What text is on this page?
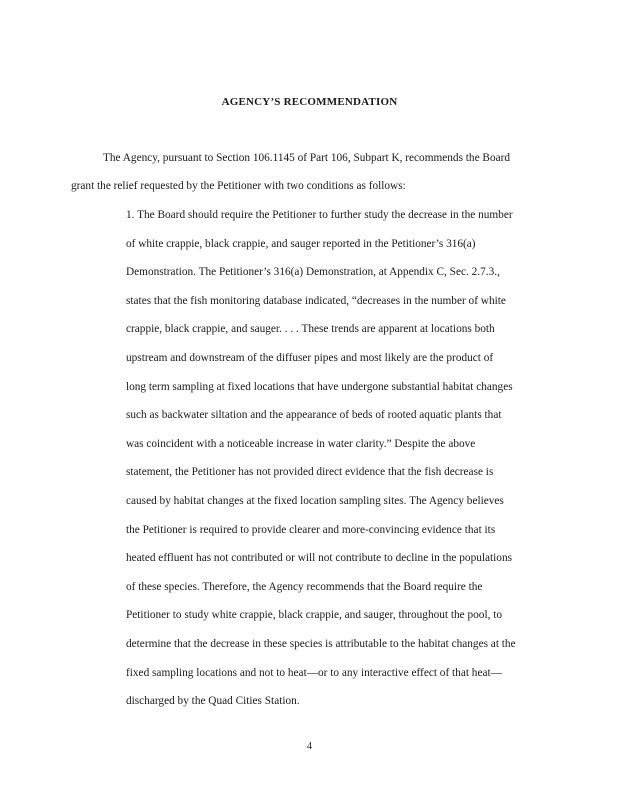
AGENCY’S RECOMMENDATION
The Agency, pursuant to Section 106.1145 of Part 106, Subpart K, recommends the Board
grant the relief requested by the Petitioner with two conditions as follows:
1. The Board should require the Petitioner to further study the decrease in the number
of white crappie, black crappie, and sauger reported in the Petitioner’s 316(a)
Demonstration. The Petitioner’s 316(a) Demonstration, at Appendix C, Sec. 2.7.3.,
states that the fish monitoring database indicated, “decreases in the number of white
crappie, black crappie, and sauger. . . . These trends are apparent at locations both
upstream and downstream of the diffuser pipes and most likely are the product of
long term sampling at fixed locations that have undergone substantial habitat changes
such as backwater siltation and the appearance of beds of rooted aquatic plants that
was coincident with a noticeable increase in water clarity.” Despite the above
statement, the Petitioner has not provided direct evidence that the fish decrease is
caused by habitat changes at the fixed location sampling sites. The Agency believes
the Petitioner is required to provide clearer and more-convincing evidence that its
heated effluent has not contributed or will not contribute to decline in the populations
of these species. Therefore, the Agency recommends that the Board require the
Petitioner to study white crappie, black crappie, and sauger, throughout the pool, to
determine that the decrease in these species is attributable to the habitat changes at the
fixed sampling locations and not to heat—or to any interactive effect of that heat—
discharged by the Quad Cities Station.
4
